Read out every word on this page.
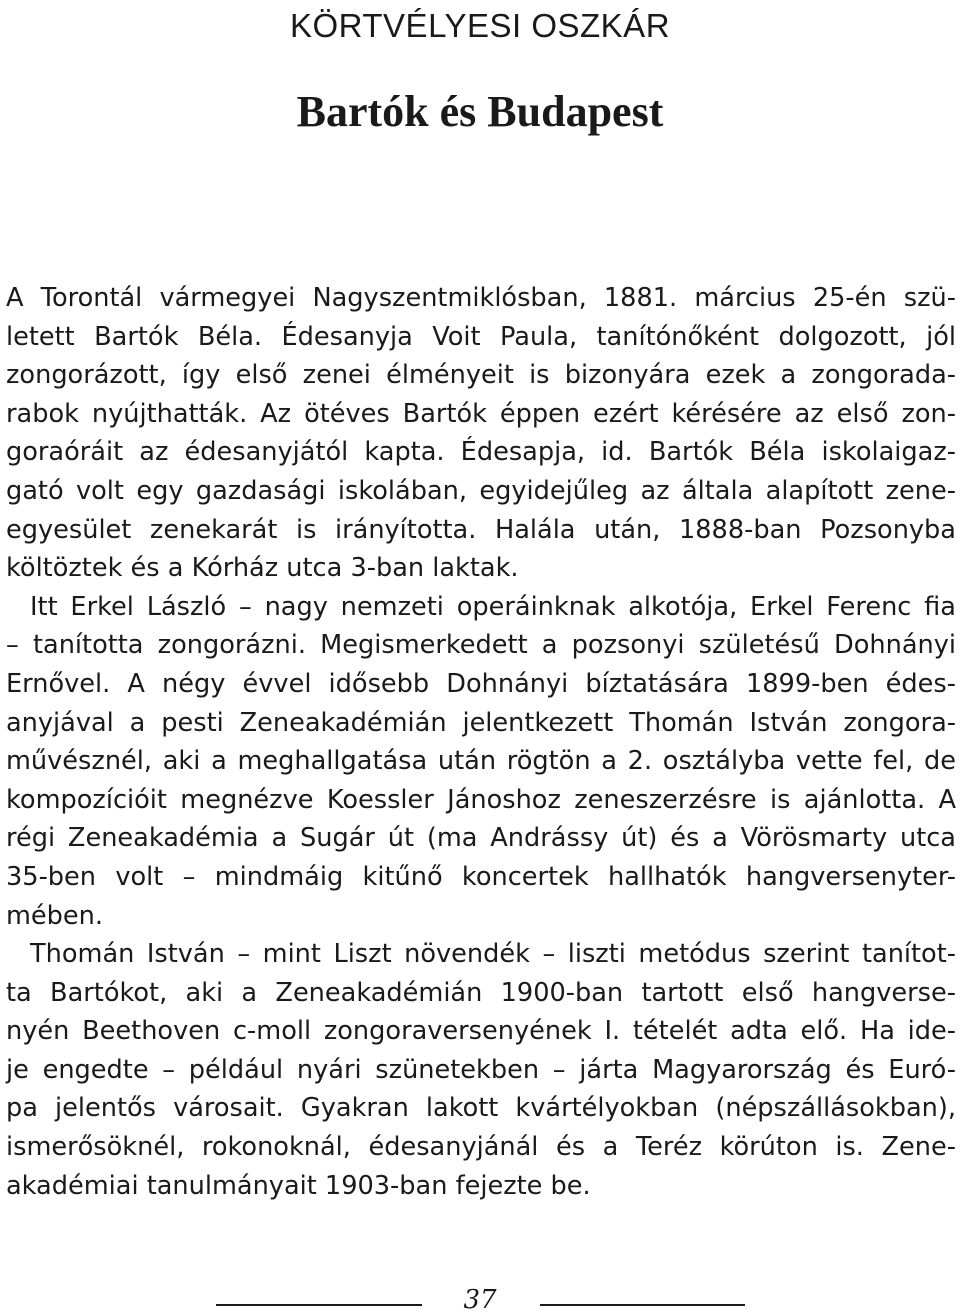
KÖRTVÉLYESI OSZKÁR
Bartók és Budapest
A Torontál vármegyei Nagyszentmiklósban, 1881. március 25-én szü-
letett Bartók Béla. Édesanyja Voit Paula, tanítónőként dolgozott, jól
zongorázott, így első zenei élményeit is bizonyára ezek a zongorada-
rabok nyújthatták. Az ötéves Bartók éppen ezért kérésére az első zon-
goraóráit az édesanyjától kapta. Édesapja, id. Bartók Béla iskolaigaz-
gató volt egy gazdasági iskolában, egyidejűleg az általa alapított zene-
egyesület zenekarát is irányította. Halála után, 1888-ban Pozsonyba
költöztek és a Kórház utca 3-ban laktak.
Itt Erkel László – nagy nemzeti operáinknak alkotója, Erkel Ferenc fia
– tanította zongorázni. Megismerkedett a pozsonyi születésű Dohnányi
Ernővel. A négy évvel idősebb Dohnányi bíztatására 1899-ben édes-
anyjával a pesti Zeneakadémián jelentkezett Thomán István zongora-
művésznél, aki a meghallgatása után rögtön a 2. osztályba vette fel, de
kompozícióit megnézve Koessler Jánoshoz zeneszerzésre is ajánlotta. A
régi Zeneakadémia a Sugár út (ma Andrássy út) és a Vörösmarty utca
35-ben volt – mindmáig kitűnő koncertek hallhatók hangversenyter-
mében.
Thomán István – mint Liszt növendék – liszti metódus szerint tanítot-
ta Bartókot, aki a Zeneakadémián 1900-ban tartott első hangverse-
nyén Beethoven c-moll zongoraversenyének I. tételét adta elő. Ha ide-
je engedte – például nyári szünetekben – járta Magyarország és Euró-
pa jelentős városait. Gyakran lakott kvártélyokban (népszállásokban),
ismerősöknél, rokonoknál, édesanyjánál és a Teréz körúton is. Zene-
akadémiai tanulmányait 1903-ban fejezte be.
37
